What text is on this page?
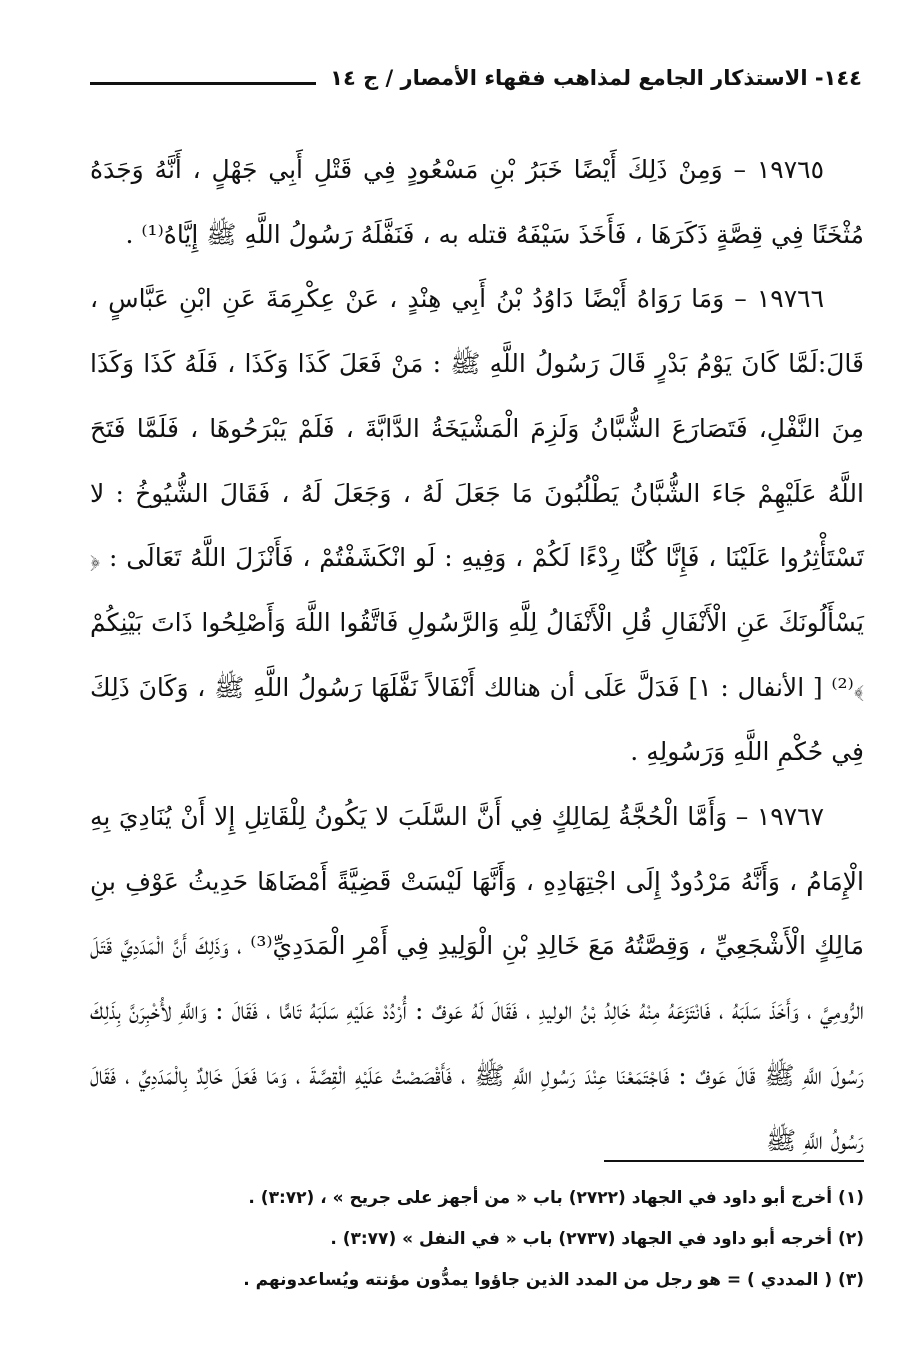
١٤٤- الاستذكار الجامع لمذاهب فقهاء الأمصار / ج ١٤

١٩٧٦٥ – وَمِنْ ذَلِكَ أَيْضًا خَبَرُ بْنِ مَسْعُودٍ فِي قَتْلِ أَبِي جَهْلٍ ، أَنَّهُ وَجَدَهُ مُثْخَنًا فِي قِصَّةٍ ذَكَرَهَا ، فَأَخَذَ سَيْفَهُ قتله به ، فَنَفَّلَهُ رَسُولُ اللَّهِ ﷺ إِيَّاهُ⁽¹⁾ .

١٩٧٦٦ – وَمَا رَوَاهُ أَيْضًا دَاوُدُ بْنُ أَبِي هِنْدٍ ، عَنْ عِكْرِمَةَ عَنِ ابْنِ عَبَّاسٍ ، قَالَ:لَمَّا كَانَ يَوْمُ بَدْرٍ قَالَ رَسُولُ اللَّهِ ﷺ : مَنْ فَعَلَ كَذَا وَكَذَا ، فَلَهُ كَذَا وَكَذَا مِنَ النَّفْلِ، فَتَصَارَعَ الشُّبَّانُ وَلَزِمَ الْمَشْيَخَةُ الدَّابَّةَ ، فَلَمْ يَبْرَحُوهَا ، فَلَمَّا فَتَحَ اللَّهُ عَلَيْهِمْ جَاءَ الشُّبَّانُ يَطْلُبُونَ مَا جَعَلَ لَهُ ، وَجَعَلَ لَهُ ، فَقَالَ الشُّيُوخُ : لا تَسْتَأْثِرُوا عَلَيْنَا ، فَإِنَّا كُنَّا رِدْءًا لَكُمْ ، وَفِيهِ : لَو انْكَشَفْتُمْ ، فَأَنْزَلَ اللَّهُ تَعَالَى : ﴿ يَسْأَلُونَكَ عَنِ الْأَنْفَالِ قُلِ الْأَنْفَالُ لِلَّهِ وَالرَّسُولِ فَاتَّقُوا اللَّهَ وَأَصْلِحُوا ذَاتَ بَيْنِكُمْ ﴾⁽²⁾ [ الأنفال : ١] فَدَلَّ عَلَى أن هنالك أَنْفَالاً نَفَّلَهَا رَسُولُ اللَّهِ ﷺ ، وَكَانَ ذَلِكَ فِي حُكْمِ اللَّهِ وَرَسُولِهِ .

١٩٧٦٧ – وَأَمَّا الْحُجَّةُ لِمَالِكٍ فِي أَنَّ السَّلَبَ لا يَكُونُ لِلْقَاتِلِ إِلا أَنْ يُنَادِيَ بِهِ الْإِمَامُ ، وَأَنَّهُ مَرْدُودٌ إِلَى اجْتِهَادِهِ ، وَأَنَّهَا لَيْسَتْ قَضِيَّةً أَمْضَاهَا حَدِيثُ عَوْفِ بنِ مَالِكٍ الْأَشْجَعِيِّ ، وَقِصَّتُهُ مَعَ خَالِدِ بْنِ الْوَلِيدِ فِي أَمْرِ الْمَدَدِيِّ⁽³⁾ ، وَذَلِكَ أَنَّ الْمَدَدِيَّ قَتَلَ الرُّومِيَّ ، وَأَخَذَ سَلَبَهُ ، فَانْتَزَعَهُ مِنْهُ خَالِدُ بْنُ الوليدِ ، فَقَالَ لَهُ عَوفٌ : أُرْدُدْ عَلَيْهِ سَلَبَهُ تَامًّا ، فَقَالَ : وَاللَّهِ لأُخْبِرَنَّ بِذَلِكَ رَسُولَ اللَّهِ ﷺ قَالَ عَوفٌ : فَاجْتَمَعْنَا عِنْدَ رَسُولِ اللَّهِ ﷺ ، فَأَقْصَصْتُ عَلَيْهِ الْقِصَّةَ ، وَمَا فَعَلَ خَالِدٌ بِالْمَدَدِيِّ ، فَقَالَ رَسُولُ اللَّهِ ﷺ

(١) أخرج أبو داود في الجهاد (٢٧٢٢) باب « من أجهز على جريح » ، (٣:٧٢) .

(٢) أخرجه أبو داود في الجهاد (٢٧٣٧) باب « في النفل » (٣:٧٧) .

(٣) ( المددي ) = هو رجل من المدد الذين جاؤوا يمدُّون مؤنته ويُساعدونهم .
